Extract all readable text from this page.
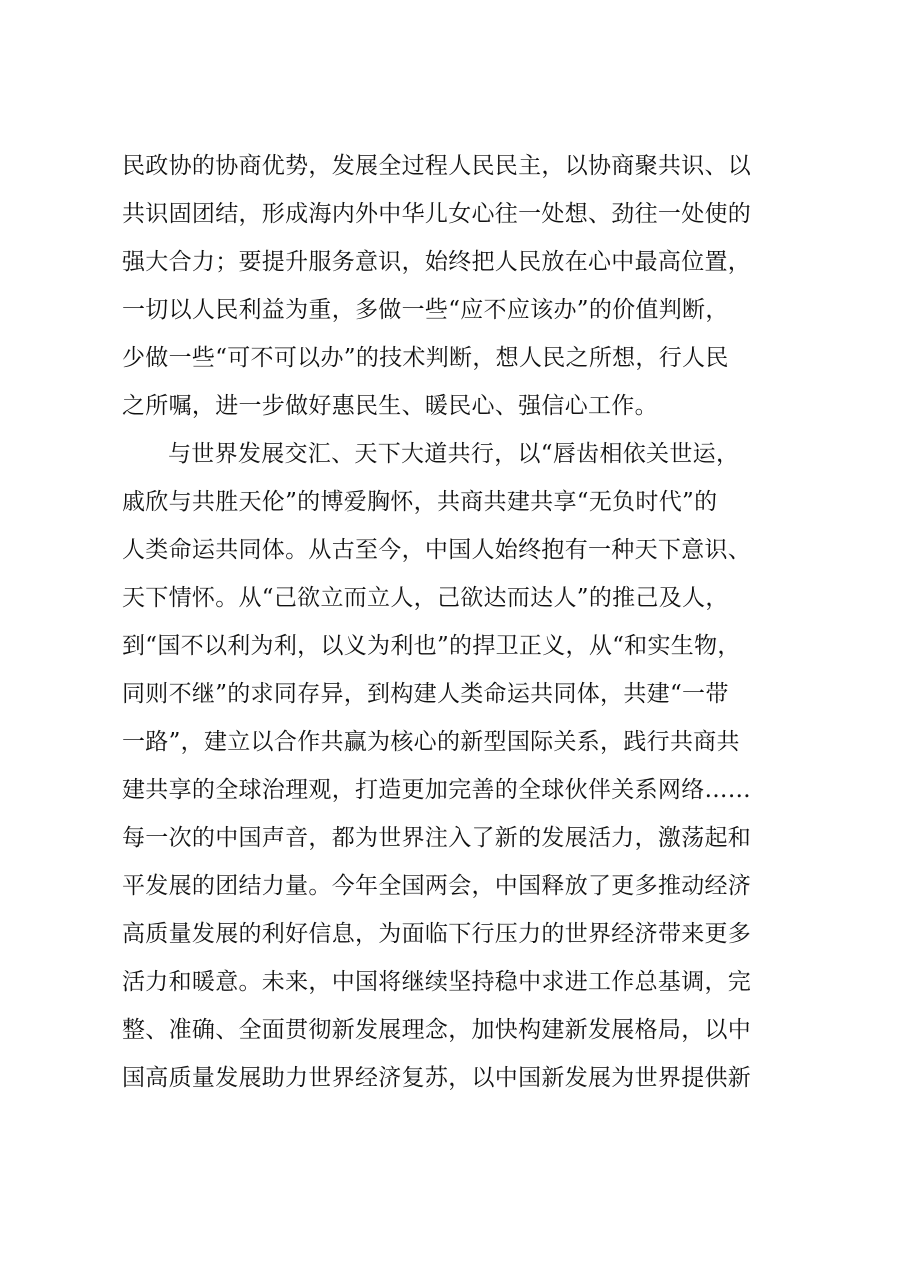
民政协的协商优势，发展全过程人民民主，以协商聚共识、以
共识固团结，形成海内外中华儿女心往一处想、劲往一处使的
强大合力；要提升服务意识，始终把人民放在心中最高位置，
一切以人民利益为重，多做一些“应不应该办”的价值判断，
少做一些“可不可以办”的技术判断，想人民之所想，行人民
之所嘱，进一步做好惠民生、暖民心、强信心工作。
与世界发展交汇、天下大道共行，以“唇齿相依关世运，
戚欣与共胜天伦”的博爱胸怀，共商共建共享“无负时代”的
人类命运共同体。从古至今，中国人始终抱有一种天下意识、
天下情怀。从“己欲立而立人，己欲达而达人”的推己及人，
到“国不以利为利，以义为利也”的捍卫正义，从“和实生物，
同则不继”的求同存异，到构建人类命运共同体，共建“一带
一路”，建立以合作共赢为核心的新型国际关系，践行共商共
建共享的全球治理观，打造更加完善的全球伙伴关系网络……
每一次的中国声音，都为世界注入了新的发展活力，激荡起和
平发展的团结力量。今年全国两会，中国释放了更多推动经济
高质量发展的利好信息，为面临下行压力的世界经济带来更多
活力和暖意。未来，中国将继续坚持稳中求进工作总基调，完
整、准确、全面贯彻新发展理念，加快构建新发展格局，以中
国高质量发展助力世界经济复苏，以中国新发展为世界提供新
